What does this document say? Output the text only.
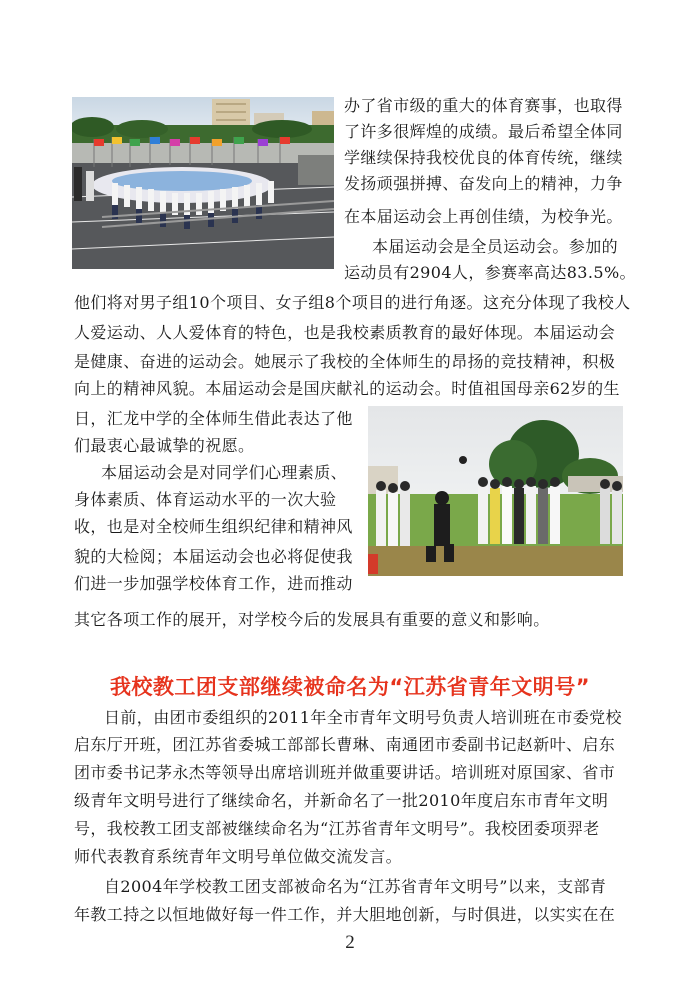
办了省市级的重大的体育赛事，也取得
了许多很辉煌的成绩。最后希望全体同
学继续保持我校优良的体育传统，继续
发扬顽强拼搏、奋发向上的精神，力争
在本届运动会上再创佳绩，为校争光。
本届运动会是全员运动会。参加的
运动员有2904人，参赛率高达83.5%。
他们将对男子组10个项目、女子组8个项目的进行角逐。这充分体现了我校人
人爱运动、人人爱体育的特色，也是我校素质教育的最好体现。本届运动会
是健康、奋进的运动会。她展示了我校的全体师生的昂扬的竞技精神，积极
向上的精神风貌。本届运动会是国庆献礼的运动会。时值祖国母亲62岁的生
日，汇龙中学的全体师生借此表达了他
们最衷心最诚挚的祝愿。
本届运动会是对同学们心理素质、
身体素质、体育运动水平的一次大验
收，也是对全校师生组织纪律和精神风
貌的大检阅；本届运动会也必将促使我
们进一步加强学校体育工作，进而推动
其它各项工作的展开，对学校今后的发展具有重要的意义和影响。
我校教工团支部继续被命名为“江苏省青年文明号”
日前，由团市委组织的2011年全市青年文明号负责人培训班在市委党校
启东厅开班，团江苏省委城工部部长曹琳、南通团市委副书记赵新叶、启东
团市委书记茅永杰等领导出席培训班并做重要讲话。培训班对原国家、省市
级青年文明号进行了继续命名，并新命名了一批2010年度启东市青年文明
号，我校教工团支部被继续命名为“江苏省青年文明号”。我校团委项羿老
师代表教育系统青年文明号单位做交流发言。
自2004年学校教工团支部被命名为“江苏省青年文明号”以来，支部青
年教工持之以恒地做好每一件工作，并大胆地创新，与时俱进，以实实在在
2
